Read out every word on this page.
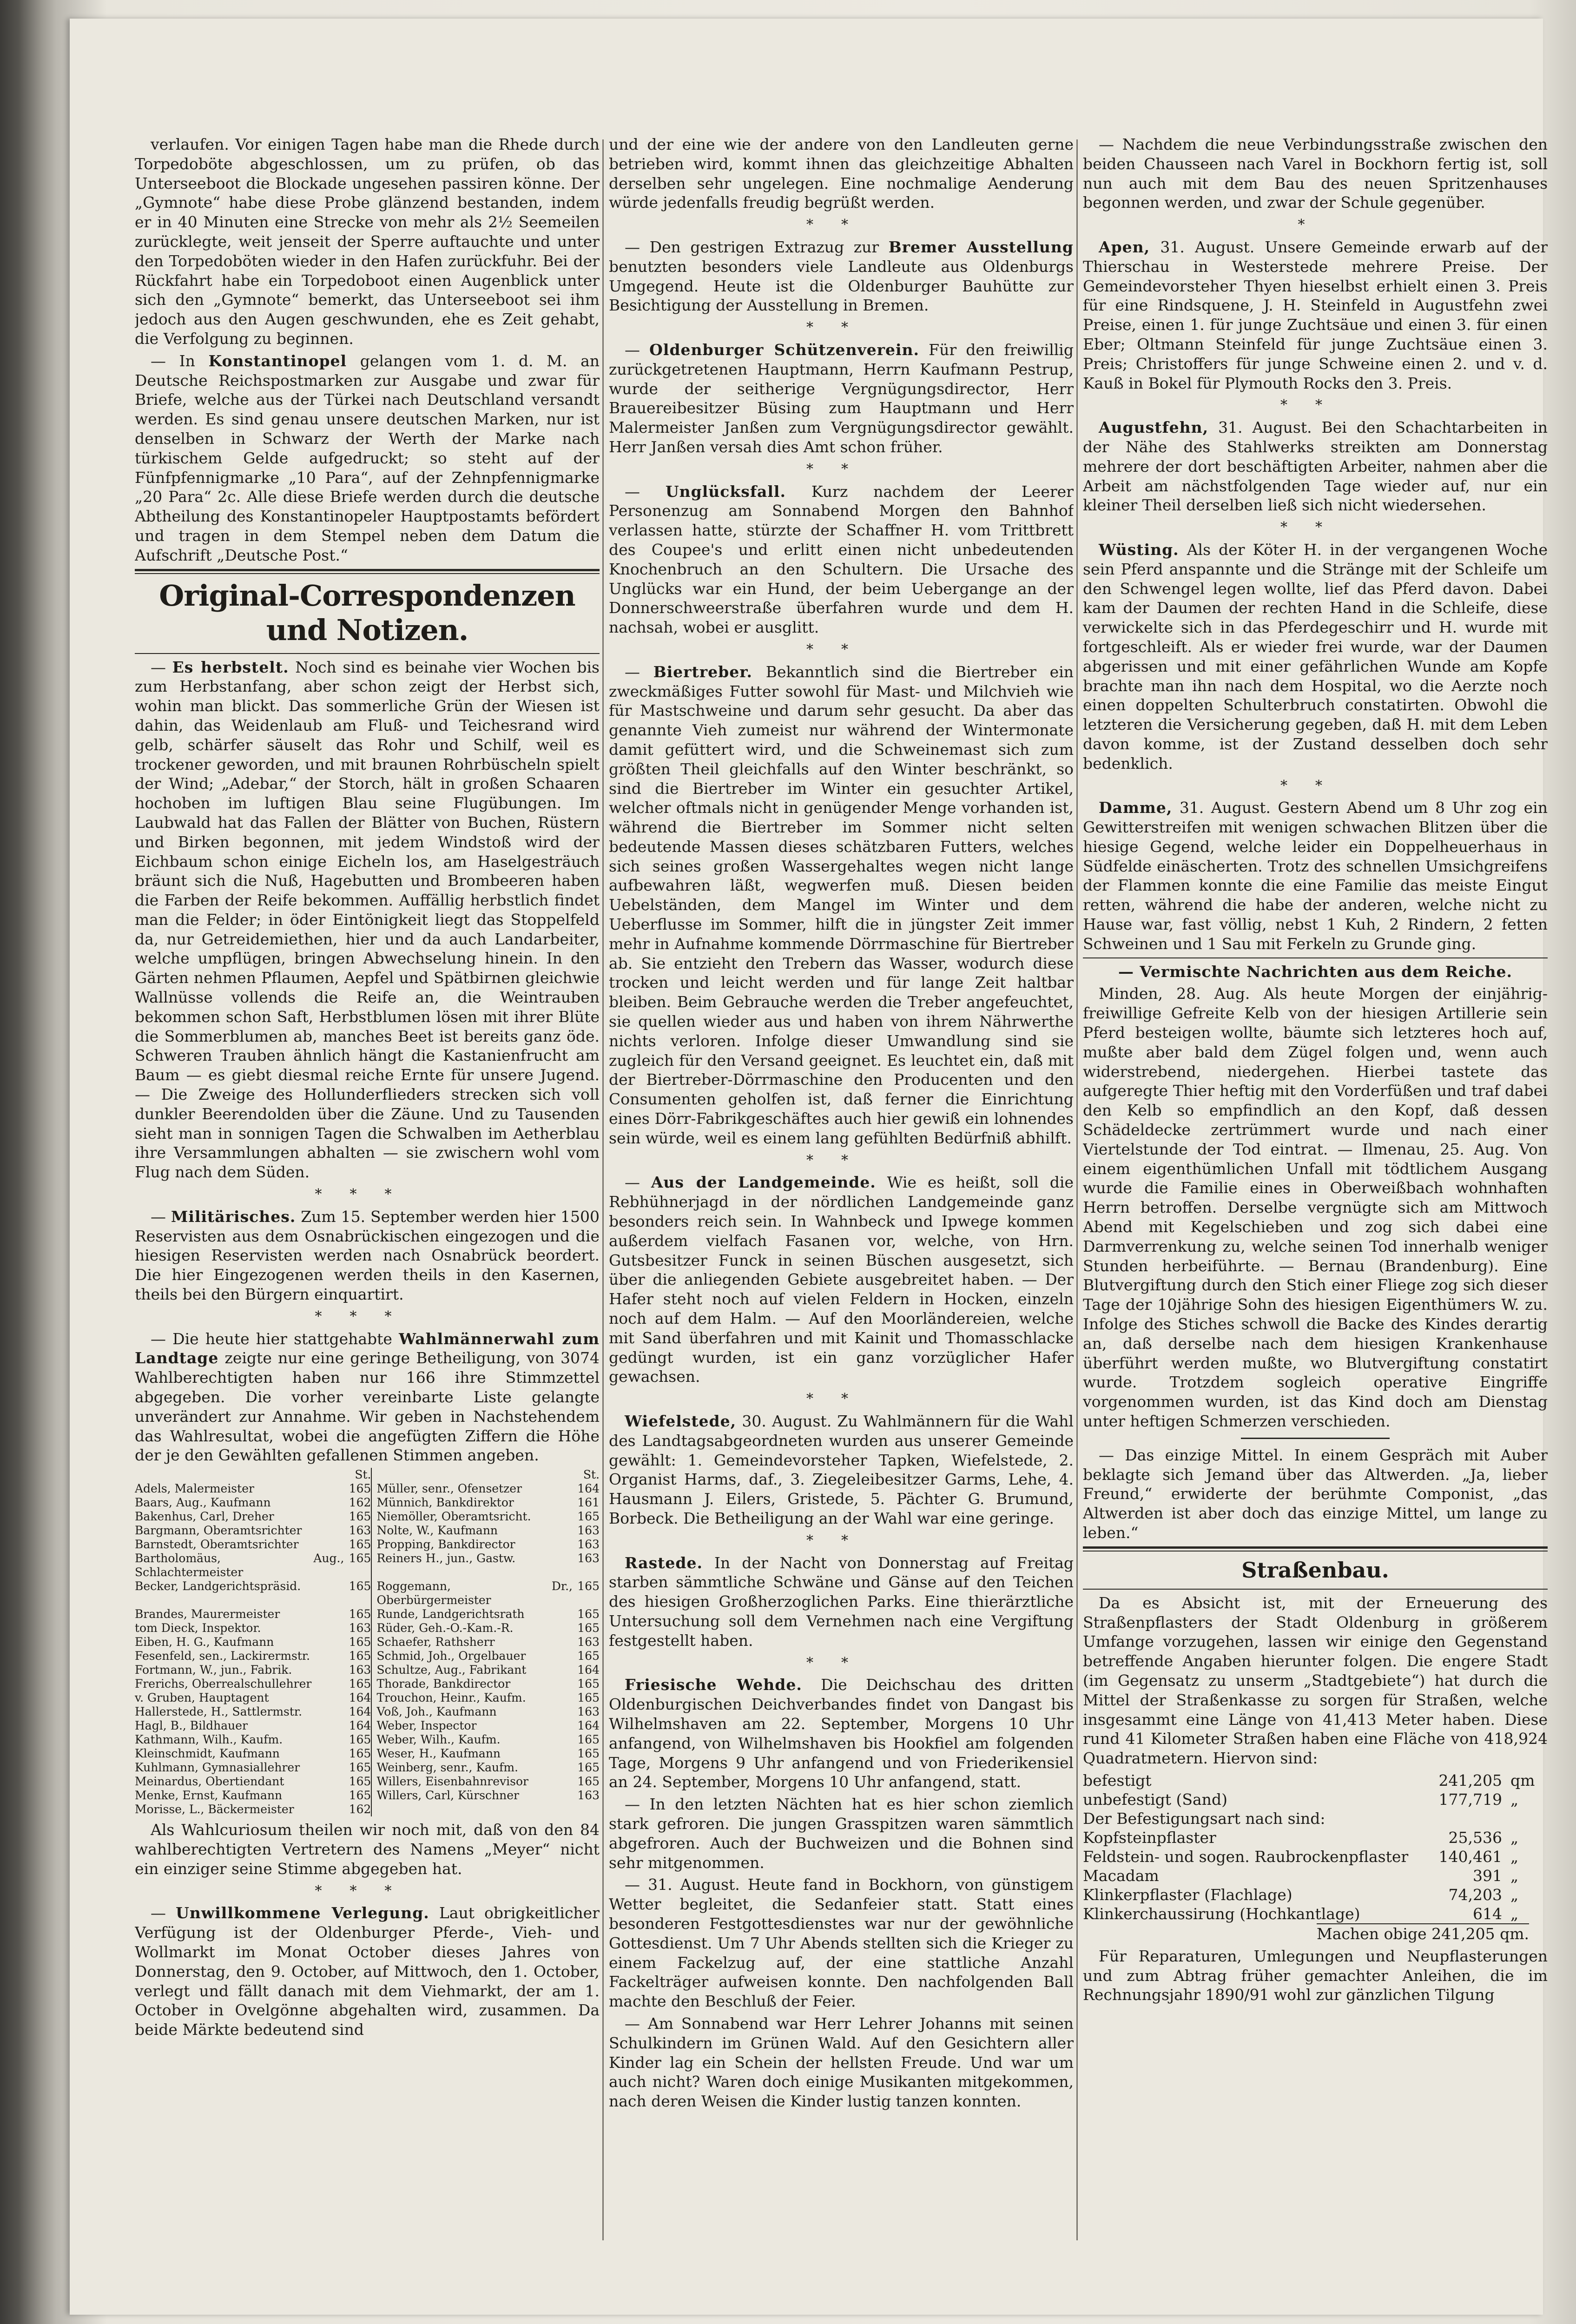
verlaufen. Vor einigen Tagen habe man die Rhede durch Torpedoböte abgeschlossen, um zu prüfen, ob das Unterseeboot die Blockade ungesehen passiren könne. Der „Gymnote“ habe diese Probe glänzend bestanden, indem er in 40 Minuten eine Strecke von mehr als 2½ Seemeilen zurücklegte, weit jenseit der Sperre auftauchte und unter den Torpedoböten wieder in den Hafen zurückfuhr. Bei der Rückfahrt habe ein Torpedoboot einen Augenblick unter sich den „Gymnote“ bemerkt, das Unterseeboot sei ihm jedoch aus den Augen geschwunden, ehe es Zeit gehabt, die Verfolgung zu beginnen.

— In Konstantinopel gelangen vom 1. d. M. an Deutsche Reichspostmarken zur Ausgabe und zwar für Briefe, welche aus der Türkei nach Deutschland versandt werden. Es sind genau unsere deutschen Marken, nur ist denselben in Schwarz der Werth der Marke nach türkischem Gelde aufgedruckt; so steht auf der Fünfpfennigmarke „10 Para“, auf der Zehnpfennigmarke „20 Para“ 2c. Alle diese Briefe werden durch die deutsche Abtheilung des Konstantinopeler Hauptpostamts befördert und tragen in dem Stempel neben dem Datum die Aufschrift „Deutsche Post.“

Original-Correspondenzen und Notizen.

— Es herbstelt. Noch sind es beinahe vier Wochen bis zum Herbstanfang, aber schon zeigt der Herbst sich, wohin man blickt. Das sommerliche Grün der Wiesen ist dahin, das Weidenlaub am Fluß- und Teichesrand wird gelb, schärfer säuselt das Rohr und Schilf, weil es trockener geworden, und mit braunen Rohrbüscheln spielt der Wind; „Adebar,“ der Storch, hält in großen Schaaren hochoben im luftigen Blau seine Flugübungen. Im Laubwald hat das Fallen der Blätter von Buchen, Rüstern und Birken begonnen, mit jedem Windstoß wird der Eichbaum schon einige Eicheln los, am Haselgesträuch bräunt sich die Nuß, Hagebutten und Brombeeren haben die Farben der Reife bekommen. Auffällig herbstlich findet man die Felder; in öder Eintönigkeit liegt das Stoppelfeld da, nur Getreidemiethen, hier und da auch Landarbeiter, welche umpflügen, bringen Abwechselung hinein. In den Gärten nehmen Pflaumen, Aepfel und Spätbirnen gleichwie Wallnüsse vollends die Reife an, die Weintrauben bekommen schon Saft, Herbstblumen lösen mit ihrer Blüte die Sommerblumen ab, manches Beet ist bereits ganz öde. Schweren Trauben ähnlich hängt die Kastanienfrucht am Baum — es giebt diesmal reiche Ernte für unsere Jugend. — Die Zweige des Hollunderflieders strecken sich voll dunkler Beerendolden über die Zäune. Und zu Tausenden sieht man in sonnigen Tagen die Schwalben im Aetherblau ihre Versammlungen abhalten — sie zwischern wohl vom Flug nach dem Süden.

***

— Militärisches. Zum 15. September werden hier 1500 Reservisten aus dem Osnabrückischen eingezogen und die hiesigen Reservisten werden nach Osnabrück beordert. Die hier Eingezogenen werden theils in den Kasernen, theils bei den Bürgern einquartirt.

***

— Die heute hier stattgehabte Wahlmännerwahl zum Landtage zeigte nur eine geringe Betheiligung, von 3074 Wahlberechtigten haben nur 166 ihre Stimmzettel abgegeben. Die vorher vereinbarte Liste gelangte unverändert zur Annahme. Wir geben in Nachstehendem das Wahlresultat, wobei die angefügten Ziffern die Höhe der je den Gewählten gefallenen Stimmen angeben.

	St.		St.
Adels, Malermeister	165	Müller, senr., Ofensetzer	164
Baars, Aug., Kaufmann	162	Münnich, Bankdirektor	161
Bakenhus, Carl, Dreher	165	Niemöller, Oberamtsricht.	165
Bargmann, Oberamtsrichter	163	Nolte, W., Kaufmann	163
Barnstedt, Oberamtsrichter	165	Propping, Bankdirector	163
Bartholomäus, Aug., Schlachtermeister	165	Reiners H., jun., Gastw.	163
Becker, Landgerichtspräsid.	165	Roggemann, Dr., Oberbürgermeister	165
Brandes, Maurermeister	165	Runde, Landgerichtsrath	165
tom Dieck, Inspektor.	163	Rüder, Geh.-O.-Kam.-R.	165
Eiben, H. G., Kaufmann	165	Schaefer, Rathsherr	163
Fesenfeld, sen., Lackirermstr.	165	Schmid, Joh., Orgelbauer	165
Fortmann, W., jun., Fabrik.	163	Schultze, Aug., Fabrikant	164
Frerichs, Oberrealschullehrer	165	Thorade, Bankdirector	165
v. Gruben, Hauptagent	164	Trouchon, Heinr., Kaufm.	165
Hallerstede, H., Sattlermstr.	164	Voß, Joh., Kaufmann	163
Hagl, B., Bildhauer	164	Weber, Inspector	164
Kathmann, Wilh., Kaufm.	165	Weber, Wilh., Kaufm.	165
Kleinschmidt, Kaufmann	165	Weser, H., Kaufmann	165
Kuhlmann, Gymnasiallehrer	165	Weinberg, senr., Kaufm.	165
Meinardus, Obertiendant	165	Willers, Eisenbahnrevisor	165
Menke, Ernst, Kaufmann	165	Willers, Carl, Kürschner	163
Morisse, L., Bäckermeister	162		

Als Wahlcuriosum theilen wir noch mit, daß von den 84 wahlberechtigten Vertretern des Namens „Meyer“ nicht ein einziger seine Stimme abgegeben hat.

***

— Unwillkommene Verlegung. Laut obrigkeitlicher Verfügung ist der Oldenburger Pferde-, Vieh- und Wollmarkt im Monat October dieses Jahres von Donnerstag, den 9. October, auf Mittwoch, den 1. October, verlegt und fällt danach mit dem Viehmarkt, der am 1. October in Ovelgönne abgehalten wird, zusammen. Da beide Märkte bedeutend sind

und der eine wie der andere von den Landleuten gerne betrieben wird, kommt ihnen das gleichzeitige Abhalten derselben sehr ungelegen. Eine nochmalige Aenderung würde jedenfalls freudig begrüßt werden.

**

— Den gestrigen Extrazug zur Bremer Ausstellung benutzten besonders viele Landleute aus Oldenburgs Umgegend. Heute ist die Oldenburger Bauhütte zur Besichtigung der Ausstellung in Bremen.

**

— Oldenburger Schützenverein. Für den freiwillig zurückgetretenen Hauptmann, Herrn Kaufmann Pestrup, wurde der seitherige Vergnügungsdirector, Herr Brauereibesitzer Büsing zum Hauptmann und Herr Malermeister Janßen zum Vergnügungsdirector gewählt. Herr Janßen versah dies Amt schon früher.

**

— Unglücksfall. Kurz nachdem der Leerer Personenzug am Sonnabend Morgen den Bahnhof verlassen hatte, stürzte der Schaffner H. vom Trittbrett des Coupee's und erlitt einen nicht unbedeutenden Knochenbruch an den Schultern. Die Ursache des Unglücks war ein Hund, der beim Uebergange an der Donnerschweerstraße überfahren wurde und dem H. nachsah, wobei er ausglitt.

**

— Biertreber. Bekanntlich sind die Biertreber ein zweckmäßiges Futter sowohl für Mast- und Milchvieh wie für Mastschweine und darum sehr gesucht. Da aber das genannte Vieh zumeist nur während der Wintermonate damit gefüttert wird, und die Schweinemast sich zum größten Theil gleichfalls auf den Winter beschränkt, so sind die Biertreber im Winter ein gesuchter Artikel, welcher oftmals nicht in genügender Menge vorhanden ist, während die Biertreber im Sommer nicht selten bedeutende Massen dieses schätzbaren Futters, welches sich seines großen Wassergehaltes wegen nicht lange aufbewahren läßt, wegwerfen muß. Diesen beiden Uebelständen, dem Mangel im Winter und dem Ueberflusse im Sommer, hilft die in jüngster Zeit immer mehr in Aufnahme kommende Dörrmaschine für Biertreber ab. Sie entzieht den Trebern das Wasser, wodurch diese trocken und leicht werden und für lange Zeit haltbar bleiben. Beim Gebrauche werden die Treber angefeuchtet, sie quellen wieder aus und haben von ihrem Nährwerthe nichts verloren. Infolge dieser Umwandlung sind sie zugleich für den Versand geeignet. Es leuchtet ein, daß mit der Biertreber-Dörrmaschine den Producenten und den Consumenten geholfen ist, daß ferner die Einrichtung eines Dörr-Fabrikgeschäftes auch hier gewiß ein lohnendes sein würde, weil es einem lang gefühlten Bedürfniß abhilft.

**

— Aus der Landgemeinde. Wie es heißt, soll die Rebhühnerjagd in der nördlichen Landgemeinde ganz besonders reich sein. In Wahnbeck und Ipwege kommen außerdem vielfach Fasanen vor, welche, von Hrn. Gutsbesitzer Funck in seinen Büschen ausgesetzt, sich über die anliegenden Gebiete ausgebreitet haben. — Der Hafer steht noch auf vielen Feldern in Hocken, einzeln noch auf dem Halm. — Auf den Moorländereien, welche mit Sand überfahren und mit Kainit und Thomasschlacke gedüngt wurden, ist ein ganz vorzüglicher Hafer gewachsen.

**

Wiefelstede, 30. August. Zu Wahlmännern für die Wahl des Landtagsabgeordneten wurden aus unserer Gemeinde gewählt: 1. Gemeindevorsteher Tapken, Wiefelstede, 2. Organist Harms, daf., 3. Ziegeleibesitzer Garms, Lehe, 4. Hausmann J. Eilers, Gristede, 5. Pächter G. Brumund, Borbeck. Die Betheiligung an der Wahl war eine geringe.

**

Rastede. In der Nacht von Donnerstag auf Freitag starben sämmtliche Schwäne und Gänse auf den Teichen des hiesigen Großherzoglichen Parks. Eine thierärztliche Untersuchung soll dem Vernehmen nach eine Vergiftung festgestellt haben.

**

Friesische Wehde. Die Deichschau des dritten Oldenburgischen Deichverbandes findet von Dangast bis Wilhelmshaven am 22. September, Morgens 10 Uhr anfangend, von Wilhelmshaven bis Hookfiel am folgenden Tage, Morgens 9 Uhr anfangend und von Friederikensiel an 24. September, Morgens 10 Uhr anfangend, statt.

— In den letzten Nächten hat es hier schon ziemlich stark gefroren. Die jungen Grasspitzen waren sämmtlich abgefroren. Auch der Buchweizen und die Bohnen sind sehr mitgenommen.

— 31. August. Heute fand in Bockhorn, von günstigem Wetter begleitet, die Sedanfeier statt. Statt eines besonderen Festgottesdienstes war nur der gewöhnliche Gottesdienst. Um 7 Uhr Abends stellten sich die Krieger zu einem Fackelzug auf, der eine stattliche Anzahl Fackelträger aufweisen konnte. Den nachfolgenden Ball machte den Beschluß der Feier.

— Am Sonnabend war Herr Lehrer Johanns mit seinen Schulkindern im Grünen Wald. Auf den Gesichtern aller Kinder lag ein Schein der hellsten Freude. Und war um auch nicht? Waren doch einige Musikanten mitgekommen, nach deren Weisen die Kinder lustig tanzen konnten.

— Nachdem die neue Verbindungsstraße zwischen den beiden Chausseen nach Varel in Bockhorn fertig ist, soll nun auch mit dem Bau des neuen Spritzenhauses begonnen werden, und zwar der Schule gegenüber.

*

Apen, 31. August. Unsere Gemeinde erwarb auf der Thierschau in Westerstede mehrere Preise. Der Gemeindevorsteher Thyen hieselbst erhielt einen 3. Preis für eine Rindsquene, J. H. Steinfeld in Augustfehn zwei Preise, einen 1. für junge Zuchtsäue und einen 3. für einen Eber; Oltmann Steinfeld für junge Zuchtsäue einen 3. Preis; Christoffers für junge Schweine einen 2. und v. d. Kauß in Bokel für Plymouth Rocks den 3. Preis.

**

Augustfehn, 31. August. Bei den Schachtarbeiten in der Nähe des Stahlwerks streikten am Donnerstag mehrere der dort beschäftigten Arbeiter, nahmen aber die Arbeit am nächstfolgenden Tage wieder auf, nur ein kleiner Theil derselben ließ sich nicht wiedersehen.

**

Wüsting. Als der Köter H. in der vergangenen Woche sein Pferd anspannte und die Stränge mit der Schleife um den Schwengel legen wollte, lief das Pferd davon. Dabei kam der Daumen der rechten Hand in die Schleife, diese verwickelte sich in das Pferdegeschirr und H. wurde mit fortgeschleift. Als er wieder frei wurde, war der Daumen abgerissen und mit einer gefährlichen Wunde am Kopfe brachte man ihn nach dem Hospital, wo die Aerzte noch einen doppelten Schulterbruch constatirten. Obwohl die letzteren die Versicherung gegeben, daß H. mit dem Leben davon komme, ist der Zustand desselben doch sehr bedenklich.

**

Damme, 31. August. Gestern Abend um 8 Uhr zog ein Gewitterstreifen mit wenigen schwachen Blitzen über die hiesige Gegend, welche leider ein Doppelheuerhaus in Südfelde einäscherten. Trotz des schnellen Umsichgreifens der Flammen konnte die eine Familie das meiste Eingut retten, während die habe der anderen, welche nicht zu Hause war, fast völlig, nebst 1 Kuh, 2 Rindern, 2 fetten Schweinen und 1 Sau mit Ferkeln zu Grunde ging.

— Vermischte Nachrichten aus dem Reiche.

Minden, 28. Aug. Als heute Morgen der einjährig-freiwillige Gefreite Kelb von der hiesigen Artillerie sein Pferd besteigen wollte, bäumte sich letzteres hoch auf, mußte aber bald dem Zügel folgen und, wenn auch widerstrebend, niedergehen. Hierbei tastete das aufgeregte Thier heftig mit den Vorderfüßen und traf dabei den Kelb so empfindlich an den Kopf, daß dessen Schädeldecke zertrümmert wurde und nach einer Viertelstunde der Tod eintrat. — Ilmenau, 25. Aug. Von einem eigenthümlichen Unfall mit tödtlichem Ausgang wurde die Familie eines in Oberweißbach wohnhaften Herrn betroffen. Derselbe vergnügte sich am Mittwoch Abend mit Kegelschieben und zog sich dabei eine Darmverrenkung zu, welche seinen Tod innerhalb weniger Stunden herbeiführte. — Bernau (Brandenburg). Eine Blutvergiftung durch den Stich einer Fliege zog sich dieser Tage der 10jährige Sohn des hiesigen Eigenthümers W. zu. Infolge des Stiches schwoll die Backe des Kindes derartig an, daß derselbe nach dem hiesigen Krankenhause überführt werden mußte, wo Blutvergiftung constatirt wurde. Trotzdem sogleich operative Eingriffe vorgenommen wurden, ist das Kind doch am Dienstag unter heftigen Schmerzen verschieden.

— Das einzige Mittel. In einem Gespräch mit Auber beklagte sich Jemand über das Altwerden. „Ja, lieber Freund,“ erwiderte der berühmte Componist, „das Altwerden ist aber doch das einzige Mittel, um lange zu leben.“

Straßenbau.

Da es Absicht ist, mit der Erneuerung des Straßenpflasters der Stadt Oldenburg in größerem Umfange vorzugehen, lassen wir einige den Gegenstand betreffende Angaben hierunter folgen. Die engere Stadt (im Gegensatz zu unserm „Stadtgebiete“) hat durch die Mittel der Straßenkasse zu sorgen für Straßen, welche insgesammt eine Länge von 41,413 Meter haben. Diese rund 41 Kilometer Straßen haben eine Fläche von 418,924 Quadratmetern. Hiervon sind:

befestigt	241,205	qm
unbefestigt (Sand)	177,719	„
Der Befestigungsart nach sind:		
Kopfsteinpflaster	25,536	„
Feldstein- und sogen. Raubrockenpflaster	140,461	„
Macadam	391	„
Klinkerpflaster (Flachlage)	74,203	„
Klinkerchaussirung (Hochkantlage)	614	„

Machen obige 241,205 qm.

Für Reparaturen, Umlegungen und Neupflasterungen und zum Abtrag früher gemachter Anleihen, die im Rechnungsjahr 1890/91 wohl zur gänzlichen Tilgung
